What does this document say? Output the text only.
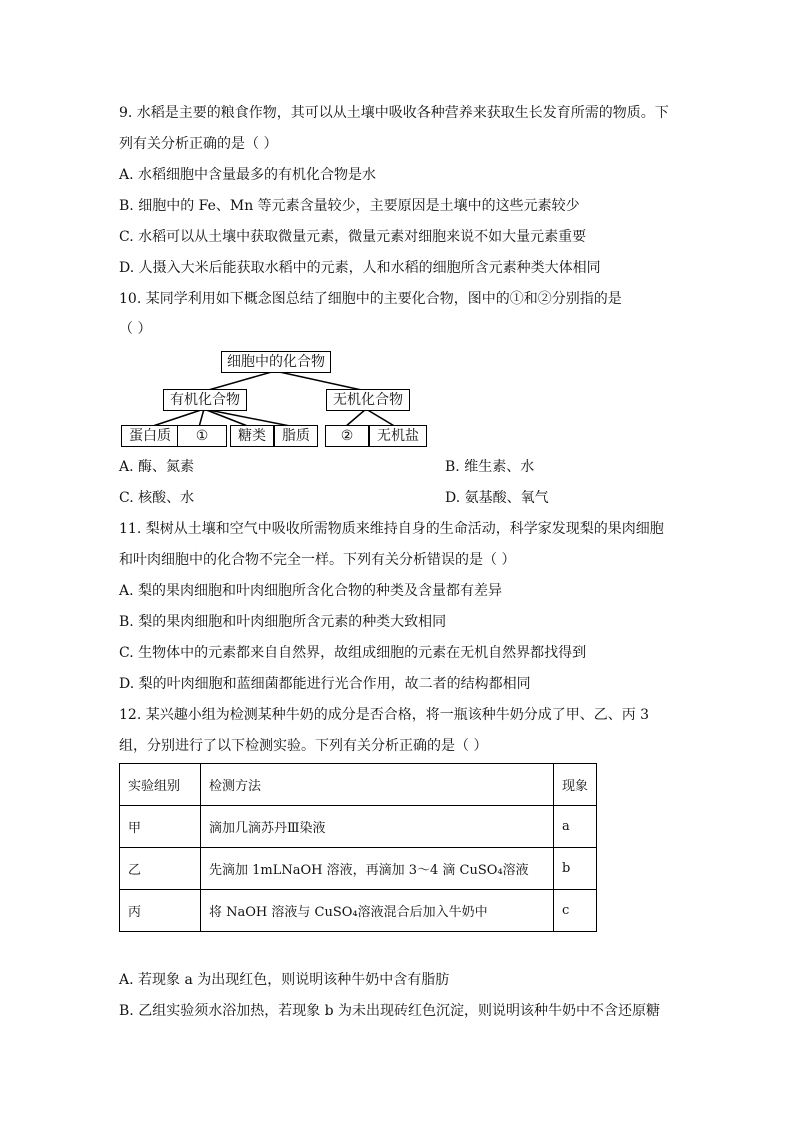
9. 水稻是主要的粮食作物，其可以从土壤中吸收各种营养来获取生长发育所需的物质。下
列有关分析正确的是（ ）
A. 水稻细胞中含量最多的有机化合物是水
B. 细胞中的 Fe、Mn 等元素含量较少，主要原因是土壤中的这些元素较少
C. 水稻可以从土壤中获取微量元素，微量元素对细胞来说不如大量元素重要
D. 人摄入大米后能获取水稻中的元素，人和水稻的细胞所含元素种类大体相同
10. 某同学利用如下概念图总结了细胞中的主要化合物，图中的①和②分别指的是
（ ）
细胞中的化合物
有机化合物	无机化合物
蛋白质	①	糖类	脂质	②	无机盐
A. 酶、氮素	B. 维生素、水
C. 核酸、水	D. 氨基酸、氧气
11. 梨树从土壤和空气中吸收所需物质来维持自身的生命活动，科学家发现梨的果肉细胞
和叶肉细胞中的化合物不完全一样。下列有关分析错误的是（ ）
A. 梨的果肉细胞和叶肉细胞所含化合物的种类及含量都有差异
B. 梨的果肉细胞和叶肉细胞所含元素的种类大致相同
C. 生物体中的元素都来自自然界，故组成细胞的元素在无机自然界都找得到
D. 梨的叶肉细胞和蓝细菌都能进行光合作用，故二者的结构都相同
12. 某兴趣小组为检测某种牛奶的成分是否合格，将一瓶该种牛奶分成了甲、乙、丙 3
组，分别进行了以下检测实验。下列有关分析正确的是（ ）
实验组别	检测方法	现象
甲	滴加几滴苏丹Ⅲ染液	a
乙	先滴加 1mLNaOH 溶液，再滴加 3～4 滴 CuSO₄溶液	b
丙	将 NaOH 溶液与 CuSO₄溶液混合后加入牛奶中	c
A. 若现象 a 为出现红色，则说明该种牛奶中含有脂肪
B. 乙组实验须水浴加热，若现象 b 为未出现砖红色沉淀，则说明该种牛奶中不含还原糖
